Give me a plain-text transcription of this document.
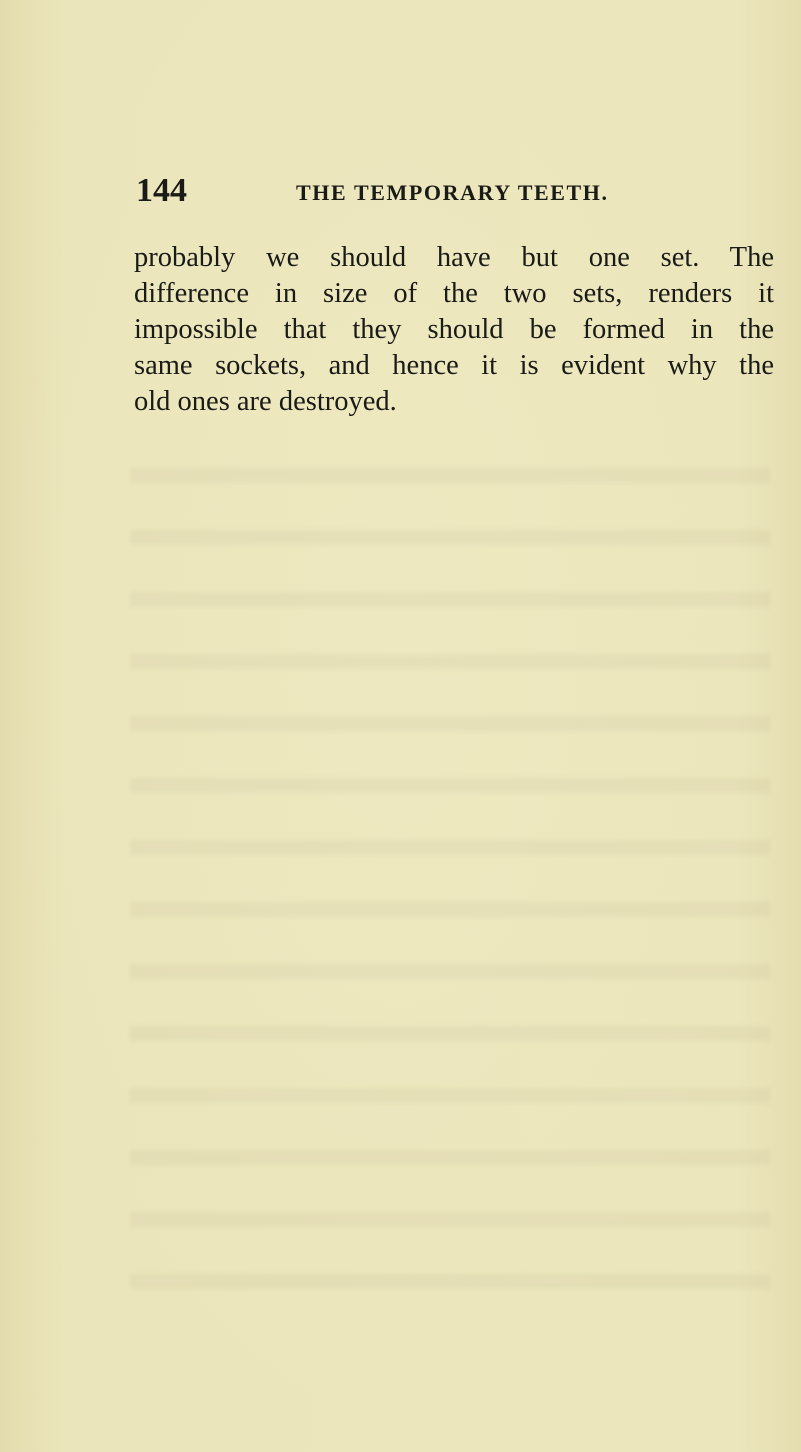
144	THE TEMPORARY TEETH.
probably we should have but one set. The
difference in size of the two sets, renders it
impossible that they should be formed in the
same sockets, and hence it is evident why the
old ones are destroyed.
